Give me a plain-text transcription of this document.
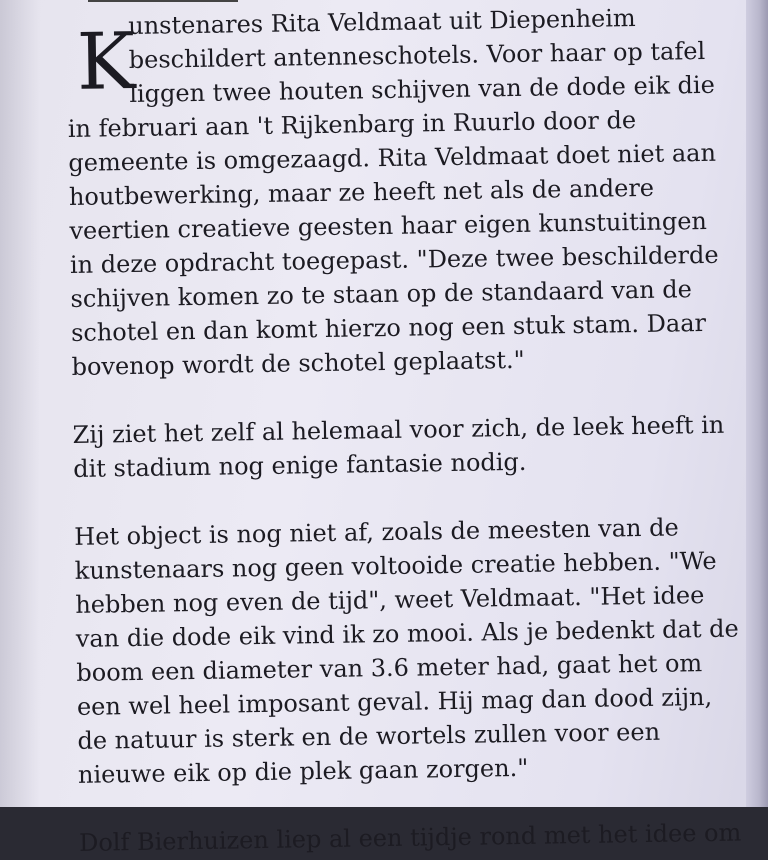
K
unstenares Rita Veldmaat uit Diepenheim
beschildert antenneschotels. Voor haar op tafel
liggen twee houten schijven van de dode eik die
in februari aan 't Rijkenbarg in Ruurlo door de
gemeente is omgezaagd. Rita Veldmaat doet niet aan
houtbewerking, maar ze heeft net als de andere
veertien creatieve geesten haar eigen kunstuitingen
in deze opdracht toegepast. "Deze twee beschilderde
schijven komen zo te staan op de standaard van de
schotel en dan komt hierzo nog een stuk stam. Daar
bovenop wordt de schotel geplaatst."
Zij ziet het zelf al helemaal voor zich, de leek heeft in
dit stadium nog enige fantasie nodig.
Het object is nog niet af, zoals de meesten van de
kunstenaars nog geen voltooide creatie hebben. "We
hebben nog even de tijd", weet Veldmaat. "Het idee
van die dode eik vind ik zo mooi. Als je bedenkt dat de
boom een diameter van 3.6 meter had, gaat het om
een wel heel imposant geval. Hij mag dan dood zijn,
de natuur is sterk en de wortels zullen voor een
nieuwe eik op die plek gaan zorgen."
Dolf Bierhuizen liep al een tijdje rond met het idee om
